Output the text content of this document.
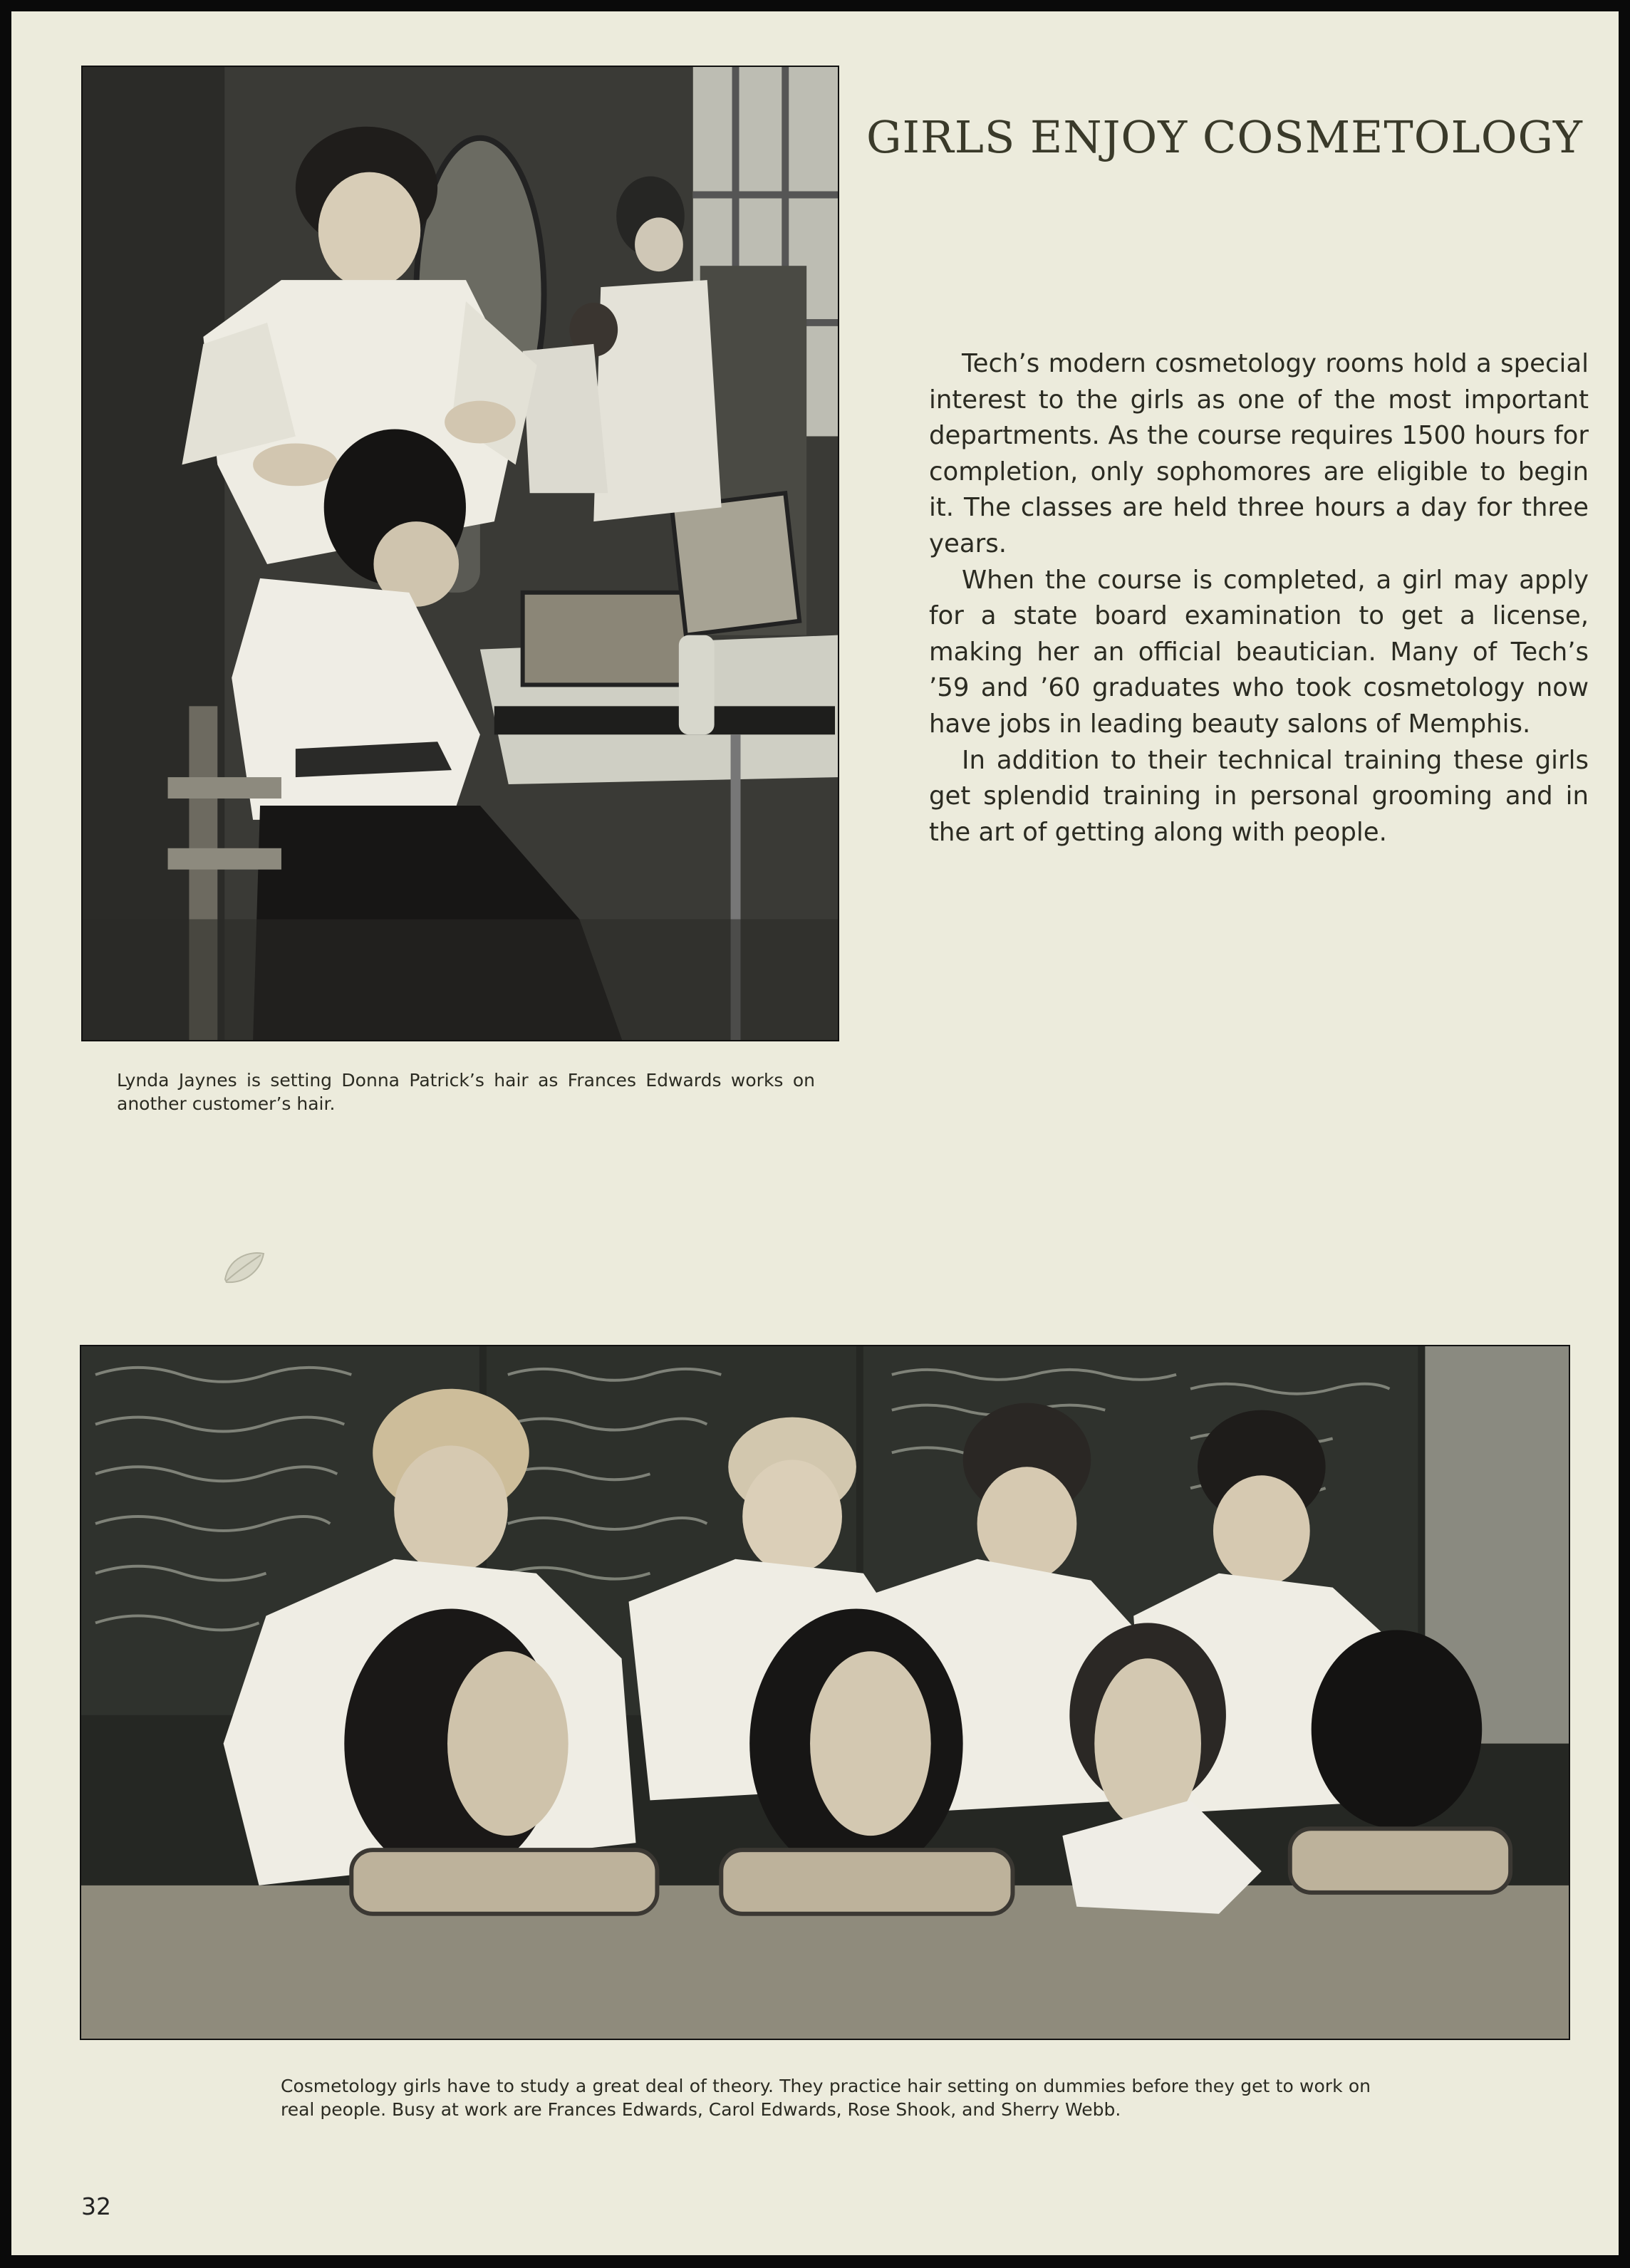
GIRLS ENJOY COSMETOLOGY

Tech’s modern cosmetology rooms hold a special interest to the girls as one of the most important departments. As the course requires 1500 hours for completion, only sophomores are eligible to begin it. The classes are held three hours a day for three years.

When the course is completed, a girl may apply for a state board examination to get a license, making her an official beautician. Many of Tech’s ’59 and ’60 graduates who took cosmetology now have jobs in leading beauty salons of Memphis.

In addition to their technical training these girls get splendid training in personal grooming and in the art of getting along with people.

Lynda Jaynes is setting Donna Patrick’s hair as Frances Edwards works on another customer’s hair.

Cosmetology girls have to study a great deal of theory. They practice hair setting on dummies before they get to work on real people. Busy at work are Frances Edwards, Carol Edwards, Rose Shook, and Sherry Webb.

32
